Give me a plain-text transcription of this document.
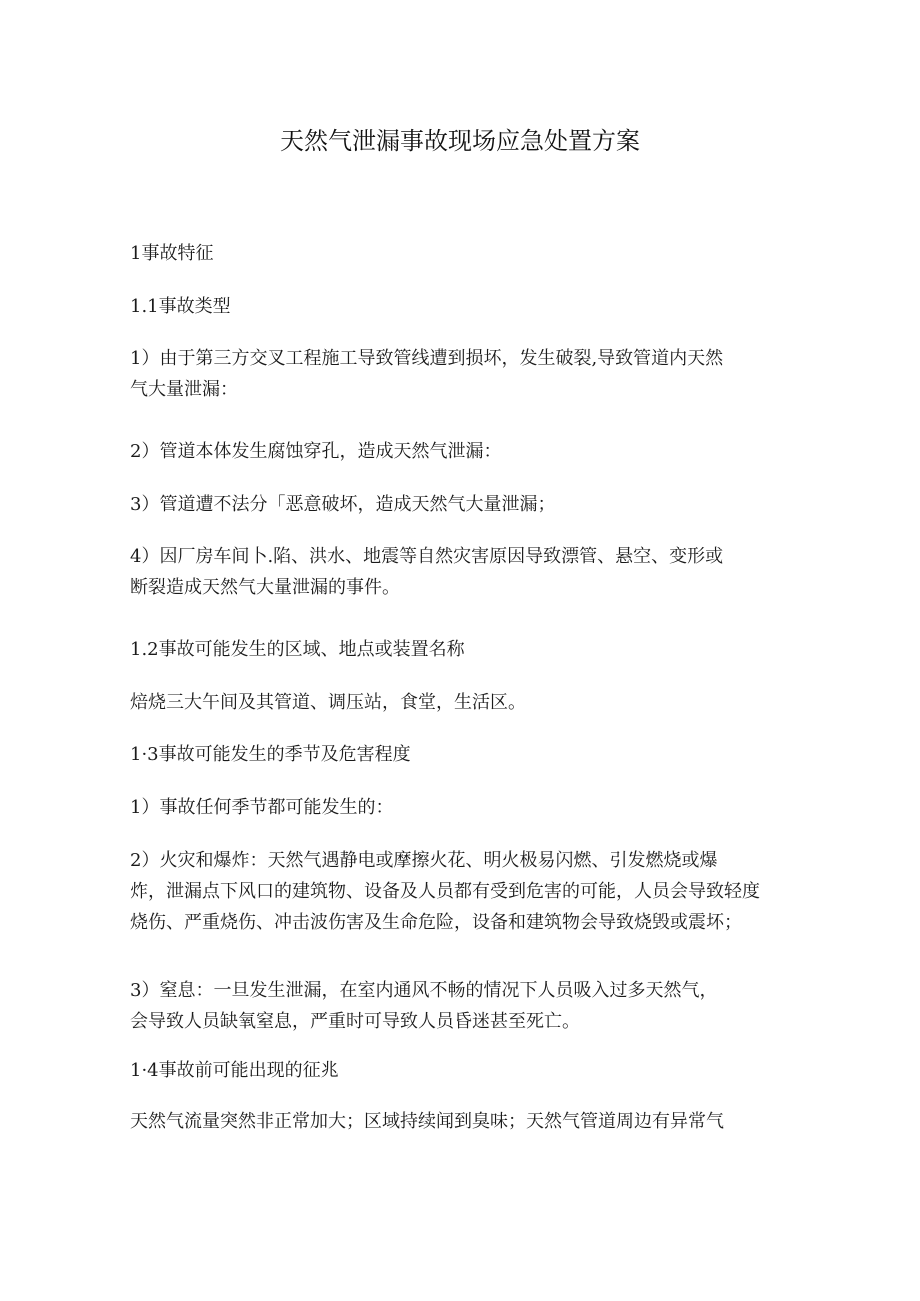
天然气泄漏事故现场应急处置方案
1事故特征
1.1事故类型
1）由于第三方交叉工程施工导致管线遭到损坏，发生破裂,导致管道内天然
气大量泄漏：
2）管道本体发生腐蚀穿孔，造成天然气泄漏：
3）管道遭不法分「恶意破坏，造成天然气大量泄漏；
4）因厂房车间卜.陷、洪水、地震等自然灾害原因导致漂管、悬空、变形或
断裂造成天然气大量泄漏的事件。
1.2事故可能发生的区域、地点或装置名称
焙烧三大午间及其管道、调压站，食堂，生活区。
1·3事故可能发生的季节及危害程度
1）事故任何季节都可能发生的：
2）火灾和爆炸：天然气遇静电或摩擦火花、明火极易闪燃、引发燃烧或爆
炸，泄漏点下风口的建筑物、设备及人员都有受到危害的可能，人员会导致轻度
烧伤、严重烧伤、冲击波伤害及生命危险，设备和建筑物会导致烧毁或震坏；
3）窒息：一旦发生泄漏，在室内通风不畅的情况下人员吸入过多天然气，
会导致人员缺氧窒息，严重时可导致人员昏迷甚至死亡。
1·4事故前可能出现的征兆
天然气流量突然非正常加大；区域持续闻到臭味；天然气管道周边有异常气
